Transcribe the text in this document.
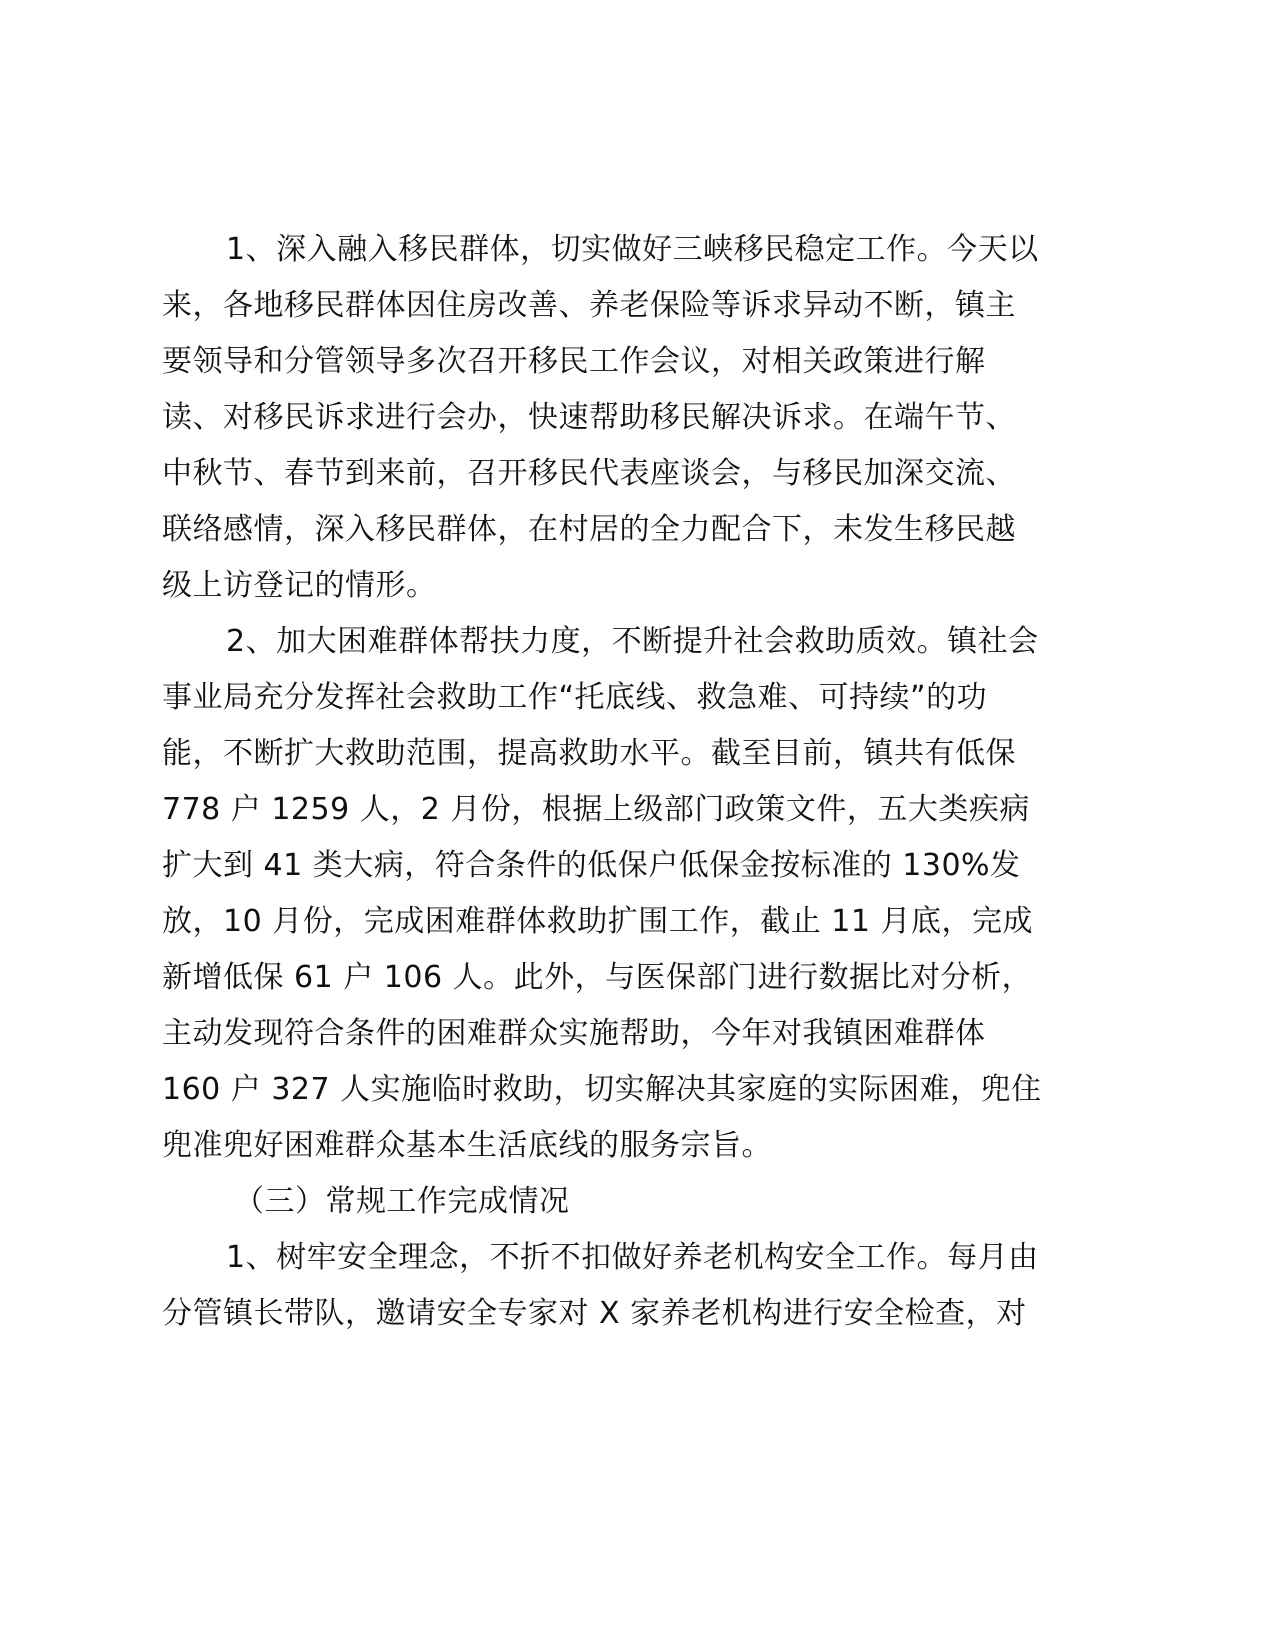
1、深入融入移民群体，切实做好三峡移民稳定工作。今天以
来，各地移民群体因住房改善、养老保险等诉求异动不断，镇主
要领导和分管领导多次召开移民工作会议，对相关政策进行解
读、对移民诉求进行会办，快速帮助移民解决诉求。在端午节、
中秋节、春节到来前，召开移民代表座谈会，与移民加深交流、
联络感情，深入移民群体，在村居的全力配合下，未发生移民越
级上访登记的情形。
2、加大困难群体帮扶力度，不断提升社会救助质效。镇社会
事业局充分发挥社会救助工作“托底线、救急难、可持续”的功
能，不断扩大救助范围，提高救助水平。截至目前，镇共有低保
778 户 1259 人，2 月份，根据上级部门政策文件，五大类疾病
扩大到 41 类大病，符合条件的低保户低保金按标准的 130%发
放，10 月份，完成困难群体救助扩围工作，截止 11 月底，完成
新增低保 61 户 106 人。此外，与医保部门进行数据比对分析，
主动发现符合条件的困难群众实施帮助，今年对我镇困难群体
160 户 327 人实施临时救助，切实解决其家庭的实际困难，兜住
兜准兜好困难群众基本生活底线的服务宗旨。
（三）常规工作完成情况
1、树牢安全理念，不折不扣做好养老机构安全工作。每月由
分管镇长带队，邀请安全专家对 X 家养老机构进行安全检查，对
